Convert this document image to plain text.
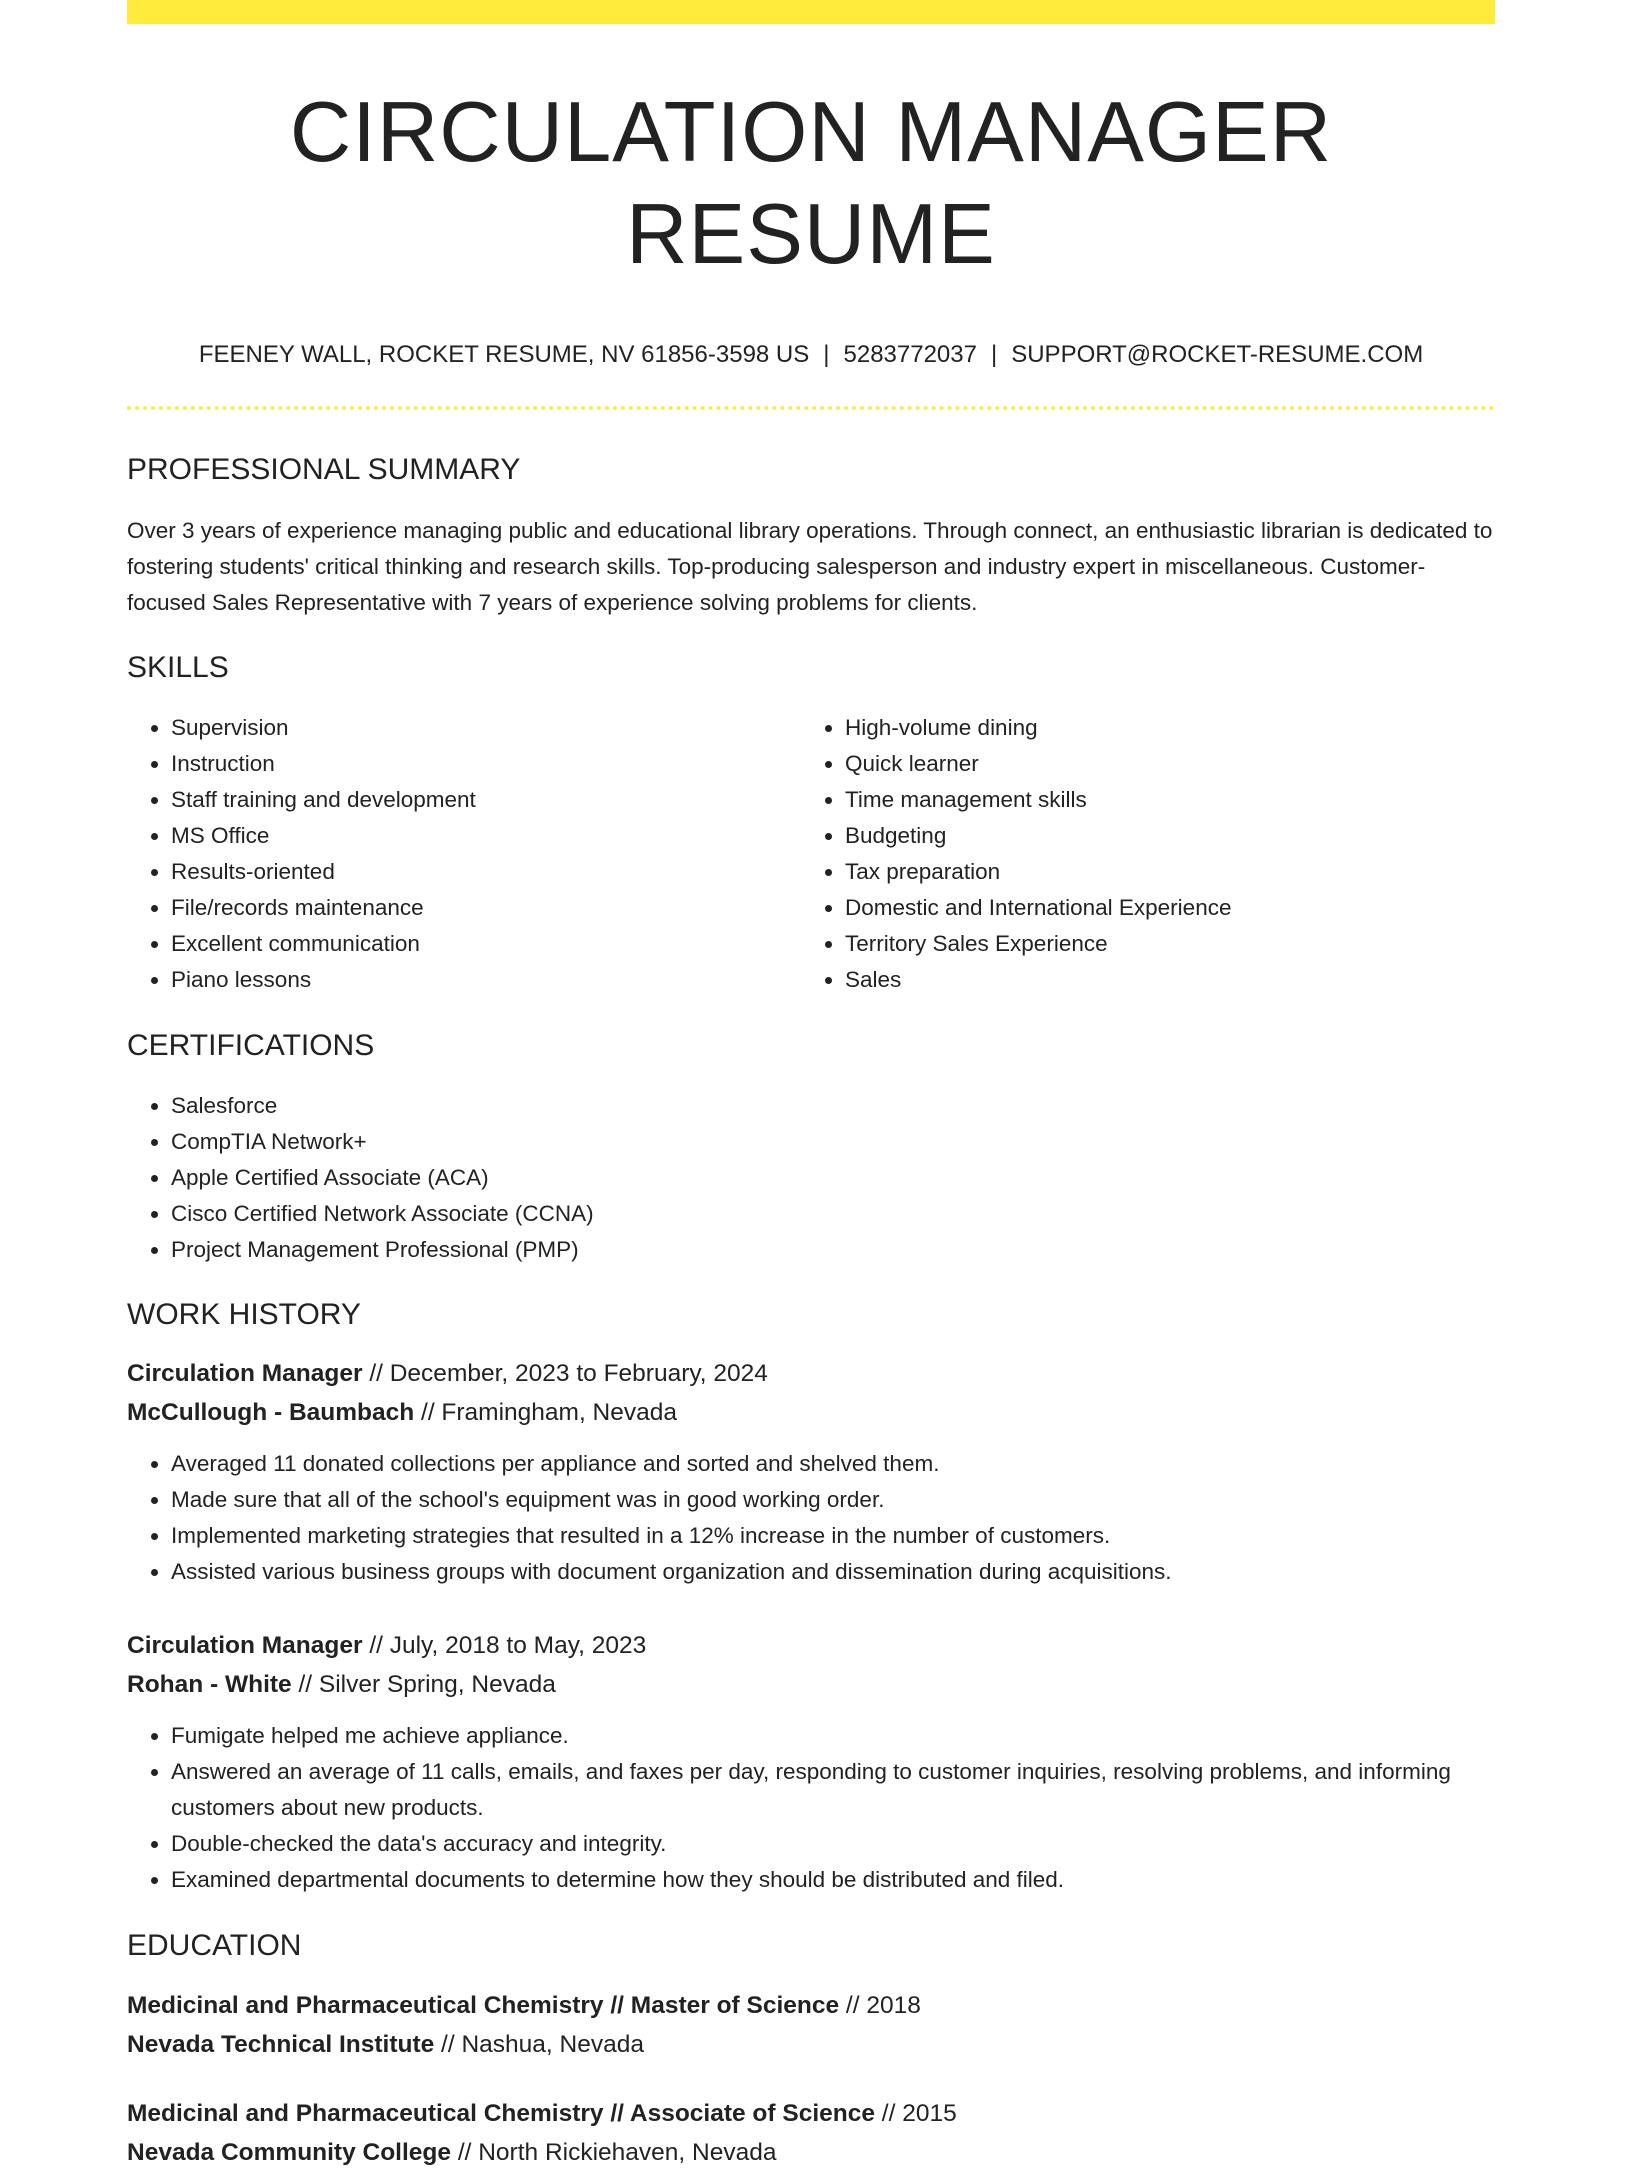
CIRCULATION MANAGER RESUME
FEENEY WALL, ROCKET RESUME, NV 61856-3598 US | 5283772037 | SUPPORT@ROCKET-RESUME.COM
PROFESSIONAL SUMMARY

Over 3 years of experience managing public and educational library operations. Through connect, an enthusiastic librarian is dedicated to fostering students' critical thinking and research skills. Top-producing salesperson and industry expert in miscellaneous. Customer-focused Sales Representative with 7 years of experience solving problems for clients.

SKILLS
• Supervision
• Instruction
• Staff training and development
• MS Office
• Results-oriented
• File/records maintenance
• Excellent communication
• Piano lessons
• High-volume dining
• Quick learner
• Time management skills
• Budgeting
• Tax preparation
• Domestic and International Experience
• Territory Sales Experience
• Sales
CERTIFICATIONS
• Salesforce
• CompTIA Network+
• Apple Certified Associate (ACA)
• Cisco Certified Network Associate (CCNA)
• Project Management Professional (PMP)
WORK HISTORY
Circulation Manager // December, 2023 to February, 2024
McCullough - Baumbach // Framingham, Nevada
• Averaged 11 donated collections per appliance and sorted and shelved them.
• Made sure that all of the school's equipment was in good working order.
• Implemented marketing strategies that resulted in a 12% increase in the number of customers.
• Assisted various business groups with document organization and dissemination during acquisitions.
Circulation Manager // July, 2018 to May, 2023
Rohan - White // Silver Spring, Nevada
• Fumigate helped me achieve appliance.
• Answered an average of 11 calls, emails, and faxes per day, responding to customer inquiries, resolving problems, and informing customers about new products.
• Double-checked the data's accuracy and integrity.
• Examined departmental documents to determine how they should be distributed and filed.
EDUCATION
Medicinal and Pharmaceutical Chemistry // Master of Science // 2018
Nevada Technical Institute // Nashua, Nevada
Medicinal and Pharmaceutical Chemistry // Associate of Science // 2015
Nevada Community College // North Rickiehaven, Nevada
